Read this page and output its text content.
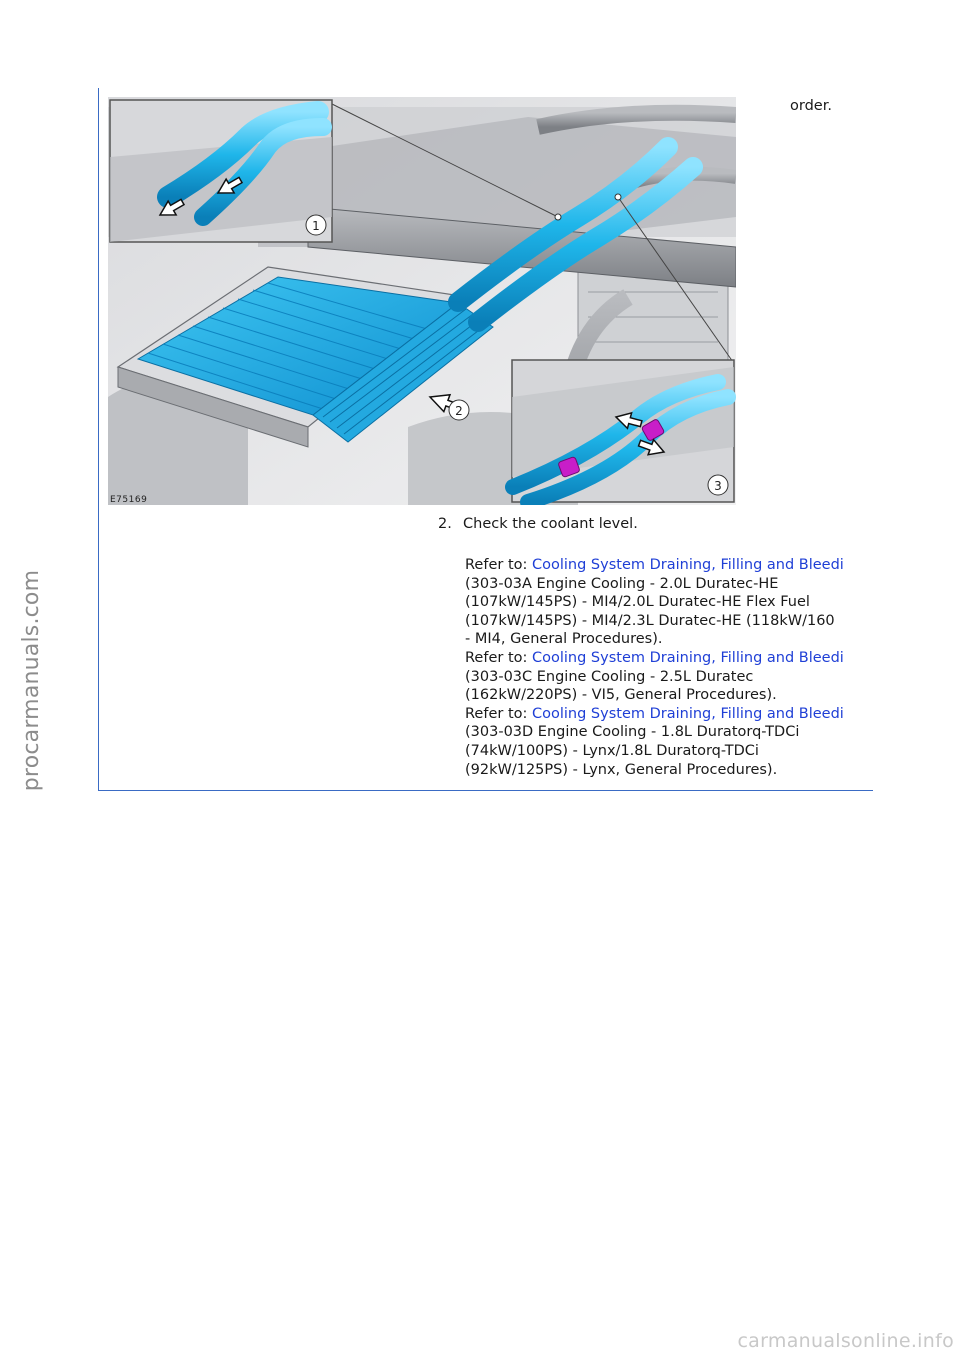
procarmanuals.com
2
1
3
E75169
order.
2. Check the coolant level.
Refer to: Cooling System Draining, Filling and Bleedi
(303-03A Engine Cooling - 2.0L Duratec-HE
(107kW/145PS) - MI4/2.0L Duratec-HE Flex Fuel
(107kW/145PS) - MI4/2.3L Duratec-HE (118kW/160
- MI4, General Procedures).
Refer to: Cooling System Draining, Filling and Bleedi
(303-03C Engine Cooling - 2.5L Duratec
(162kW/220PS) - VI5, General Procedures).
Refer to: Cooling System Draining, Filling and Bleedi
(303-03D Engine Cooling - 1.8L Duratorq-TDCi
(74kW/100PS) - Lynx/1.8L Duratorq-TDCi
(92kW/125PS) - Lynx, General Procedures).
carmanualsonline.info
